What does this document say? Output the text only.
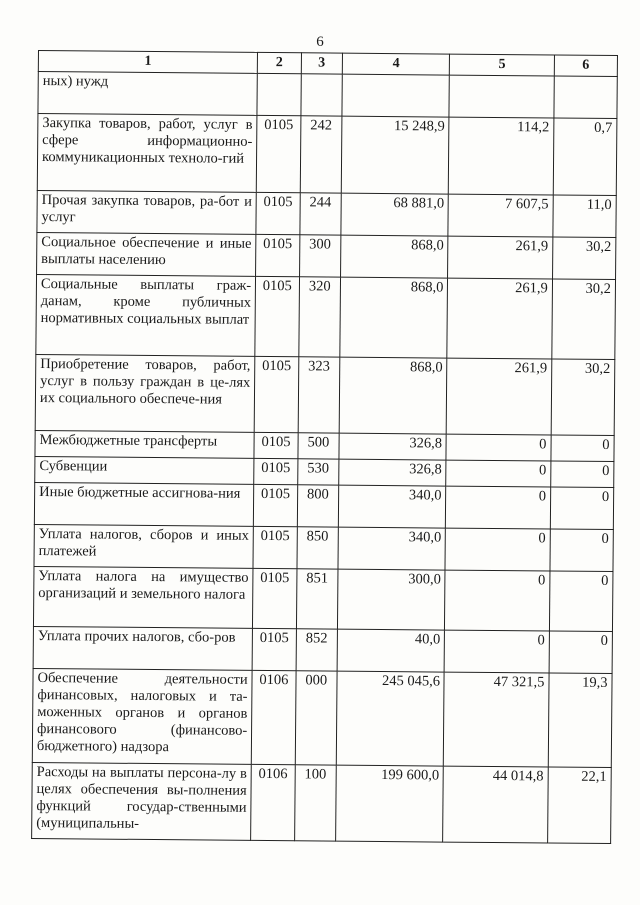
6
1	2	3	4	5	6
ных) нужд					
Закупка товаров, работ, услуг в сфере информационно-коммуникационных техноло-гий	0105	242	15 248,9	114,2	0,7
Прочая закупка товаров, ра-бот и услуг	0105	244	68 881,0	7 607,5	11,0
Социальное обеспечение и иные выплаты населению	0105	300	868,0	261,9	30,2
Социальные выплаты граж-данам, кроме публичных нормативных социальных выплат	0105	320	868,0	261,9	30,2
Приобретение товаров, работ, услуг в пользу граждан в це-лях их социального обеспече-ния	0105	323	868,0	261,9	30,2
Межбюджетные трансферты	0105	500	326,8	0	0
Субвенции	0105	530	326,8	0	0
Иные бюджетные ассигнова-ния	0105	800	340,0	0	0
Уплата налогов, сборов и иных платежей	0105	850	340,0	0	0
Уплата налога на имущество организаций и земельного налога	0105	851	300,0	0	0
Уплата прочих налогов, сбо-ров	0105	852	40,0	0	0
Обеспечение деятельности финансовых, налоговых и та-моженных органов и органов финансового (финансово-бюджетного) надзора	0106	000	245 045,6	47 321,5	19,3
Расходы на выплаты персона-лу в целях обеспечения вы-полнения функций государ-ственными (муниципальны-	0106	100	199 600,0	44 014,8	22,1
